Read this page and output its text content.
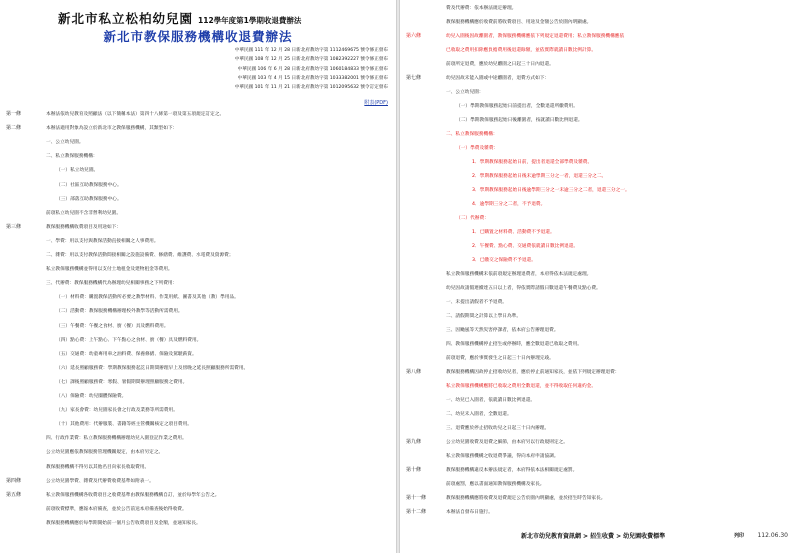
新北市私立松柏幼兒園 112學年度第1學期收退費辦法
新北市教保服務機構收退費辦法
中華民國 111 年 12 月 28 日新北府教幼字第 1112469675 號令修正發布
中華民國 108 年 12 月 25 日新北府教幼字第 1082392227 號令修正發布
中華民國 106 年 6 月 28 日新北府教幼字第 1060184833 號令修正發布
中華民國 103 年 4 月 15 日新北府教幼字第 1033382001 號令修正發布
中華民國 101 年 11 月 21 日新北府教幼字第 1012095632 號令訂定發布
附表(PDF)
第一條	本辦法依幼兒教育及照顧法（以下簡稱本法）第四十八條第一項及第五項規定訂定之。
第二條	本辦法適用對象為設立於新北市之教保服務機構，其類型如下：
一、公立幼兒園。
二、私立教保服務機構：
（一）私立幼兒園。
（二）社區互助教保服務中心。
（三）部落互助教保服務中心。
前項私立幼兒園不含非營利幼兒園。
第三條	教保服務機構收費項目及用途如下：
一、學費：用以支付與教保活動直接相關之人事費用。
二、雜費：用以支付教保活動間接相關之設施設備費、修繕費、維護費、水電費及資源費；
私立教保服務機構並得用以支付土地租金及建物租金等費用。
三、代辦費：教保服務機構代為辦理幼兒相關事務之下列費用：
（一）材料費：購置教保活動所必要之教學材料、作業用紙、圖書及其他（教）學用品。
（二）活動費：教保服務機構辦理校外教學等活動所需費用。
（三）午餐費：午餐之食材、廚（餐）具及燃料費用。
（四）點心費：上午點心、下午點心之食材、廚（餐）具及燃料費用。
（五）交通費：幼童專用車之油料費、保養修繕、保險及駕駛薪資。
（六）延長照顧服務費：學期教保服務起訖日期間辦理早上及傍晚之延長照顧服務所需費用。
（七）課後照顧服務費：寒假、暑假期間辦理照顧服務之費用。
（八）保險費：幼兒團體保險費。
（九）家長會費：幼兒園家長會之行政及業務等所需費用。
（十）其他費用：代辦服裝、書籍等經主管機關核定之項目費用。
四、行政作業費：私立教保服務機構辦理幼兒入園登記作業之費用。
公立幼兒園應依教保服務管理機關規定，由本府另定之。
教保服務機構不得另以其他名目向家長收取費用。
第四條	公立幼兒園學費、雜費及代辦費收費基準如附表一。
第五條	私立教保服務機構各收費項目之收費基準由教保服務機構自訂，並於每學年公告之。
前項收費標準，應報本府備查，並於公告前送本府備查後始得收費。
教保服務機構應於每學期開始前一個月公告收費項目及金額，並通知家長。
費及代辦費：依本辦法規定辦理。
教保服務機構應於收費前將收費項目、用途及金額公告於園內明顯處。
第六條	幼兒入園後因故離園者，教保服務機構應依下列規定退還費用；私立教保服務機構應依
已收取之費用扣除應負擔費用後退還餘額，並依實際就讀日數比例計算。
前項所定退費，應於幼兒離園之日起三十日內退還。
第七條	幼兒因故未能入園或中途離園者，退費方式如下：
一、公立幼兒園：
（一）學期教保服務起始日前提出者，全數退還所繳費用。
（二）學期教保服務起始日後離園者，按就讀日數比例退還。
二、私立教保服務機構：
（一）學費及雜費：
1．學期教保服務起始日前，提出者退還全部學費及雜費。
2．學期教保服務起始日後未逾學期三分之一者，退還三分之二。
3．學期教保服務起始日後逾學期三分之一未逾三分之二者，退還三分之一。
4．逾學期三分之二者，不予退費。
（二）代辦費：
1．已購置之材料費、活動費不予退還。
2．午餐費、點心費、交通費依就讀日數比例退還。
3．已繳交之保險費不予退還。
私立教保服務機構未依前項規定辦理退費者，本府得依本法規定處理。
幼兒因故請假連續達五日以上者，得依實際請假日數退還午餐費及點心費。
一、未提出請假者不予退費。
二、請假期間之計算以上學日為準。
三、因颱風等天然災害停課者，依本府公告辦理退費。
四、教保服務機構停止招生或停辦時，應全數退還已收取之費用。
前項退費，應於事實發生之日起三十日內辦理完竣。
第八條	教保服務機構因故停止招收幼兒者，應於停止前通知家長，並依下列規定辦理退費：
私立教保服務機構應將已收取之費用全數退還，並不得收取任何違約金。
一、幼兒已入園者，依就讀日數比例退還。
二、幼兒未入園者，全數退還。
三、退費應於停止招收幼兒之日起三十日內辦理。
第九條	公立幼兒園收費及退費之細節，由本府另以行政規則定之。
私立教保服務機構之收退費爭議，得向本府申請協調。
第十條	教保服務機構違反本辦法規定者，本府得依本法相關規定處罰。
前項處罰，應以書面通知教保服務機構及家長。
第十一條	教保服務機構應將收費及退費規定公告於園內明顯處，並於招生時告知家長。
第十二條	本辦法自發布日施行。
新北市幼兒教育資訊網 > 招生收費 > 幼兒園收費標準	列印 112.06.30
